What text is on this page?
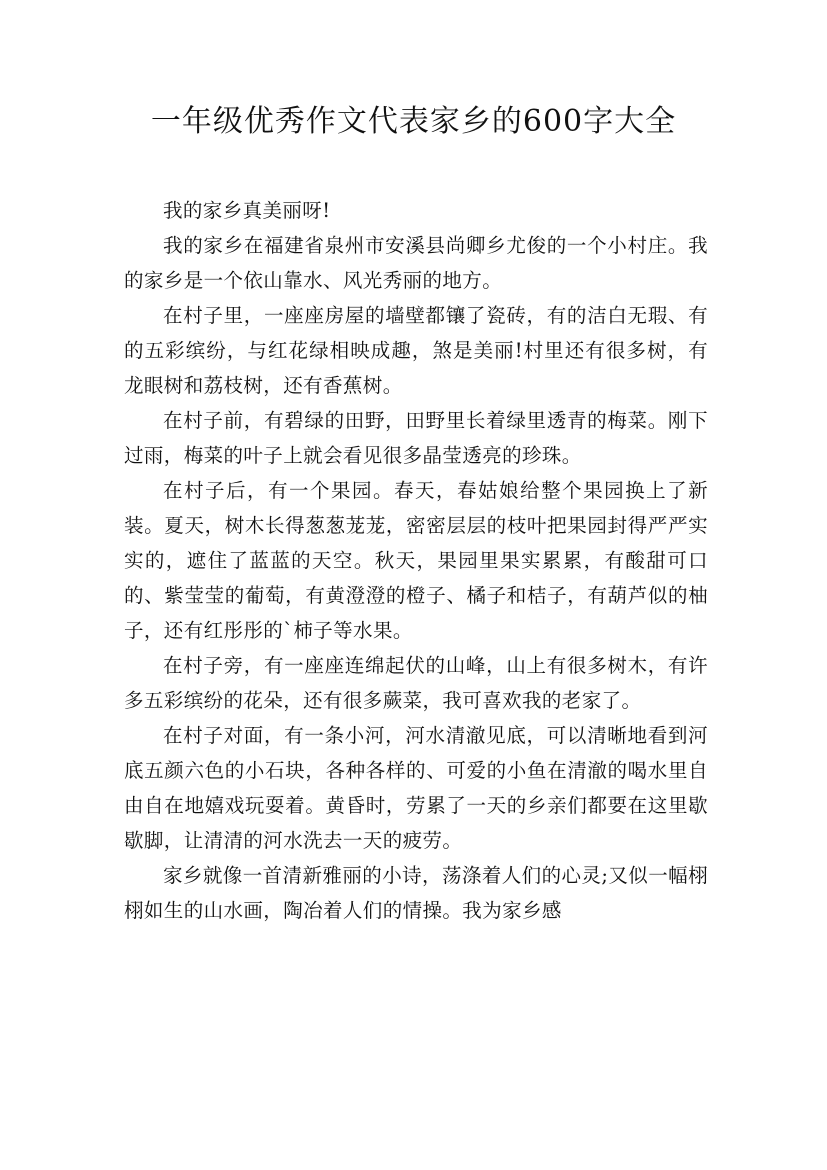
一年级优秀作文代表家乡的600字大全

我的家乡真美丽呀!

我的家乡在福建省泉州市安溪县尚卿乡尤俊的一个小村庄。我的家乡是一个依山靠水、风光秀丽的地方。

在村子里，一座座房屋的墙壁都镶了瓷砖，有的洁白无瑕、有的五彩缤纷，与红花绿相映成趣，煞是美丽!村里还有很多树，有龙眼树和荔枝树，还有香蕉树。

在村子前，有碧绿的田野，田野里长着绿里透青的梅菜。刚下过雨，梅菜的叶子上就会看见很多晶莹透亮的珍珠。

在村子后，有一个果园。春天，春姑娘给整个果园换上了新装。夏天，树木长得葱葱茏茏，密密层层的枝叶把果园封得严严实实的，遮住了蓝蓝的天空。秋天，果园里果实累累，有酸甜可口的、紫莹莹的葡萄，有黄澄澄的橙子、橘子和桔子，有葫芦似的柚子，还有红彤彤的`柿子等水果。

在村子旁，有一座座连绵起伏的山峰，山上有很多树木，有许多五彩缤纷的花朵，还有很多蕨菜，我可喜欢我的老家了。

在村子对面，有一条小河，河水清澈见底，可以清晰地看到河底五颜六色的小石块，各种各样的、可爱的小鱼在清澈的喝水里自由自在地嬉戏玩耍着。黄昏时，劳累了一天的乡亲们都要在这里歇歇脚，让清清的河水洗去一天的疲劳。

家乡就像一首清新雅丽的小诗，荡涤着人们的心灵;又似一幅栩栩如生的山水画，陶冶着人们的情操。我为家乡感
